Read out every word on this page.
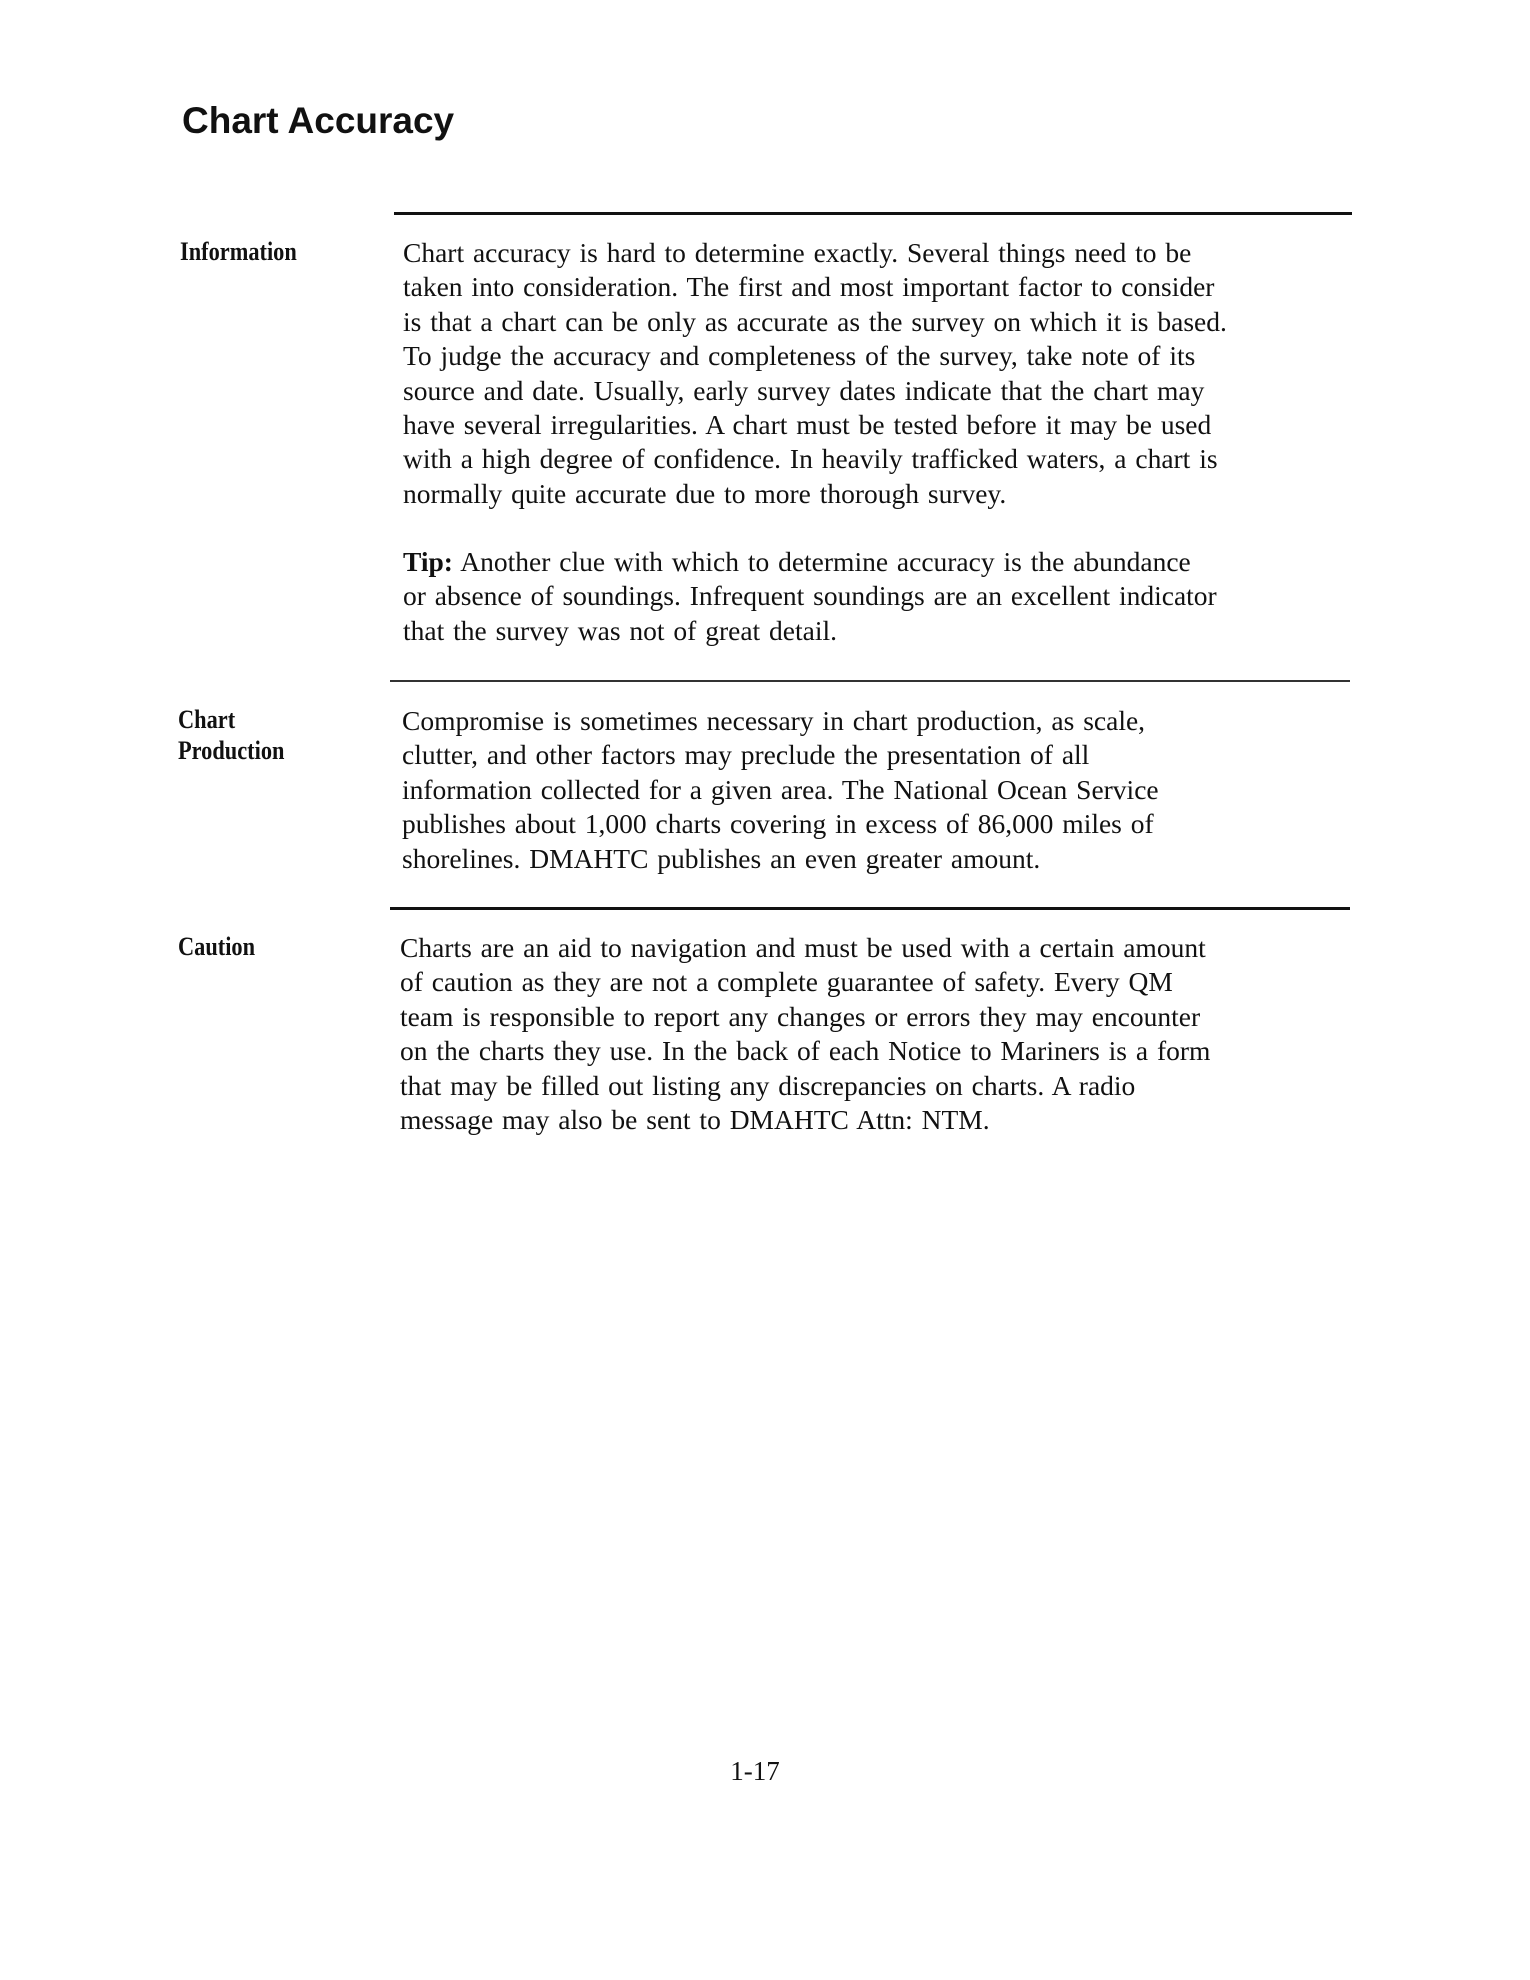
Chart Accuracy
Information	Chart accuracy is hard to determine exactly. Several things need to be
taken into consideration. The first and most important factor to consider
is that a chart can be only as accurate as the survey on which it is based.
To judge the accuracy and completeness of the survey, take note of its
source and date. Usually, early survey dates indicate that the chart may
have several irregularities. A chart must be tested before it may be used
with a high degree of confidence. In heavily trafficked waters, a chart is
normally quite accurate due to more thorough survey.
Tip: Another clue with which to determine accuracy is the abundance
or absence of soundings. Infrequent soundings are an excellent indicator
that the survey was not of great detail.
Chart
Production
Compromise is sometimes necessary in chart production, as scale,
clutter, and other factors may preclude the presentation of all
information collected for a given area. The National Ocean Service
publishes about 1,000 charts covering in excess of 86,000 miles of
shorelines. DMAHTC publishes an even greater amount.
Caution	Charts are an aid to navigation and must be used with a certain amount
of caution as they are not a complete guarantee of safety. Every QM
team is responsible to report any changes or errors they may encounter
on the charts they use. In the back of each Notice to Mariners is a form
that may be filled out listing any discrepancies on charts. A radio
message may also be sent to DMAHTC Attn: NTM.
1-17
